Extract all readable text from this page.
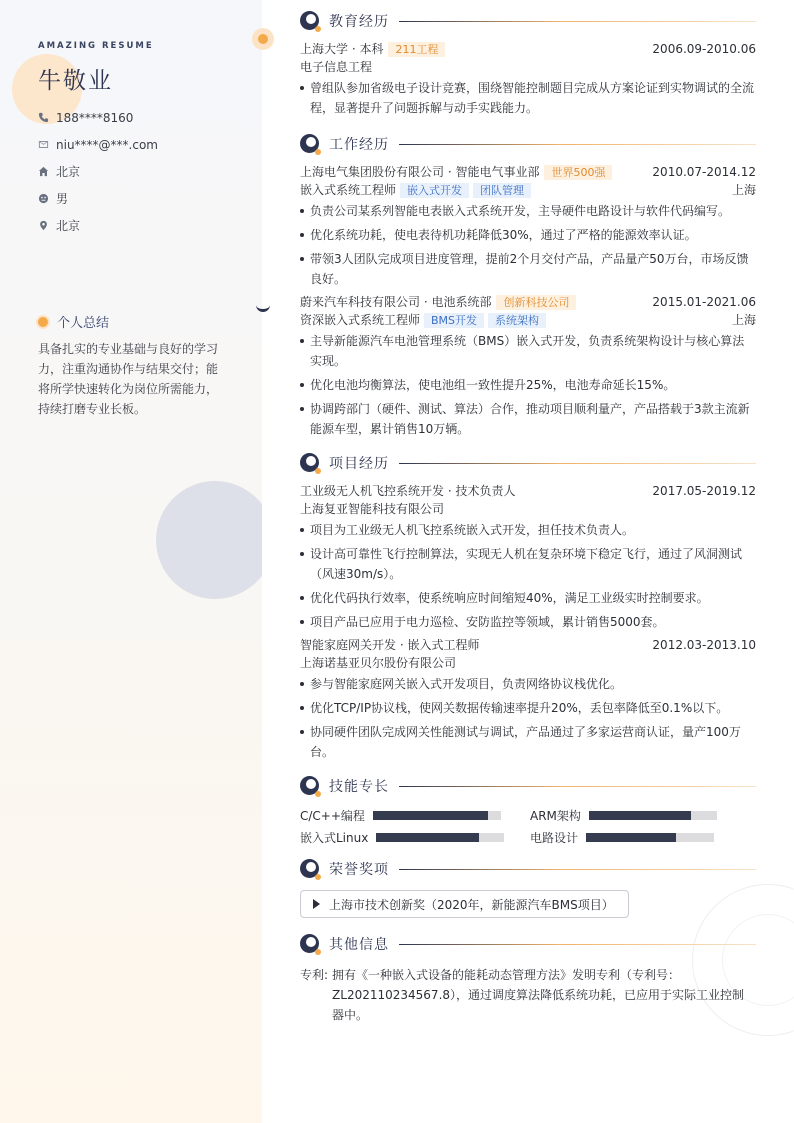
AMAZING RESUME
牛敬业
188****8160
niu****@***.com
北京
男
北京
个人总结
具备扎实的专业基础与良好的学习力，注重沟通协作与结果交付；能将所学快速转化为岗位所需能力，持续打磨专业长板。
教育经历
上海大学 · 本科	211工程	2006.09-2010.06
电子信息工程
曾组队参加省级电子设计竞赛，围绕智能控制题目完成从方案论证到实物调试的全流程，显著提升了问题拆解与动手实践能力。
工作经历
上海电气集团股份有限公司 · 智能电气事业部	世界500强	2010.07-2014.12
嵌入式系统工程师	嵌入式开发	团队管理	上海
负责公司某系列智能电表嵌入式系统开发，主导硬件电路设计与软件代码编写。
优化系统功耗，使电表待机功耗降低30%，通过了严格的能源效率认证。
带领3人团队完成项目进度管理，提前2个月交付产品，产品量产50万台，市场反馈良好。
蔚来汽车科技有限公司 · 电池系统部	创新科技公司	2015.01-2021.06
资深嵌入式系统工程师	BMS开发	系统架构	上海
主导新能源汽车电池管理系统（BMS）嵌入式开发，负责系统架构设计与核心算法实现。
优化电池均衡算法，使电池组一致性提升25%，电池寿命延长15%。
协调跨部门（硬件、测试、算法）合作，推动项目顺利量产，产品搭载于3款主流新能源车型，累计销售10万辆。
项目经历
工业级无人机飞控系统开发 · 技术负责人	2017.05-2019.12
上海复亚智能科技有限公司
项目为工业级无人机飞控系统嵌入式开发，担任技术负责人。
设计高可靠性飞行控制算法，实现无人机在复杂环境下稳定飞行，通过了风洞测试（风速30m/s）。
优化代码执行效率，使系统响应时间缩短40%，满足工业级实时控制要求。
项目产品已应用于电力巡检、安防监控等领域，累计销售5000套。
智能家庭网关开发 · 嵌入式工程师	2012.03-2013.10
上海诺基亚贝尔股份有限公司
参与智能家庭网关嵌入式开发项目，负责网络协议栈优化。
优化TCP/IP协议栈，使网关数据传输速率提升20%，丢包率降低至0.1%以下。
协同硬件团队完成网关性能测试与调试，产品通过了多家运营商认证，量产100万台。
技能专长
C/C++编程	ARM架构
嵌入式Linux	电路设计
荣誉奖项
上海市技术创新奖（2020年，新能源汽车BMS项目）
其他信息
专利: 拥有《一种嵌入式设备的能耗动态管理方法》发明专利（专利号：ZL202110234567.8），通过调度算法降低系统功耗，已应用于实际工业控制器中。
